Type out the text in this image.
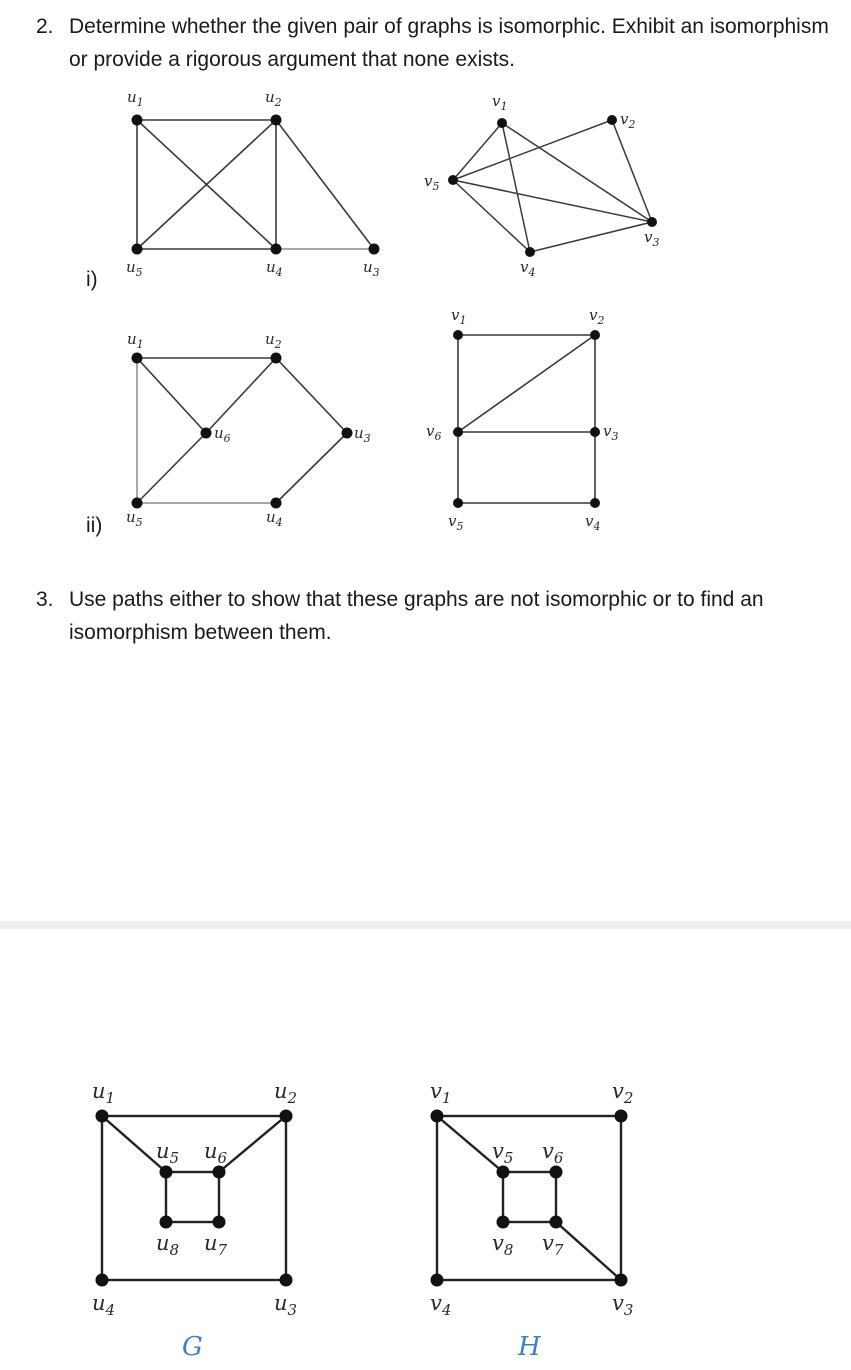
2. Determine whether the given pair of graphs is isomorphic. Exhibit an isomorphism or provide a rigorous argument that none exists.
i)
ii)
$u_1$	$u_2$
$u_5$	$u_4$	$u_3$
$v_1$
$v_2$
$v_5$
$v_3$
$v_4$
$u_1$	$u_2$
$u_6$	$u_3$
$u_5$	$u_4$
$v_1$	$v_2$
$v_6$	$v_3$
$v_5$	$v_4$
3. Use paths either to show that these graphs are not isomorphic or to find an isomorphism between them.
$u_1$	$u_2$
$u_5$ $u_6$
$u_8$ $u_7$
$u_4$	$u_3$
$v_1$	$v_2$
$v_5$ $v_6$
$v_8$ $v_7$
$v_4$	$v_3$
G	H
